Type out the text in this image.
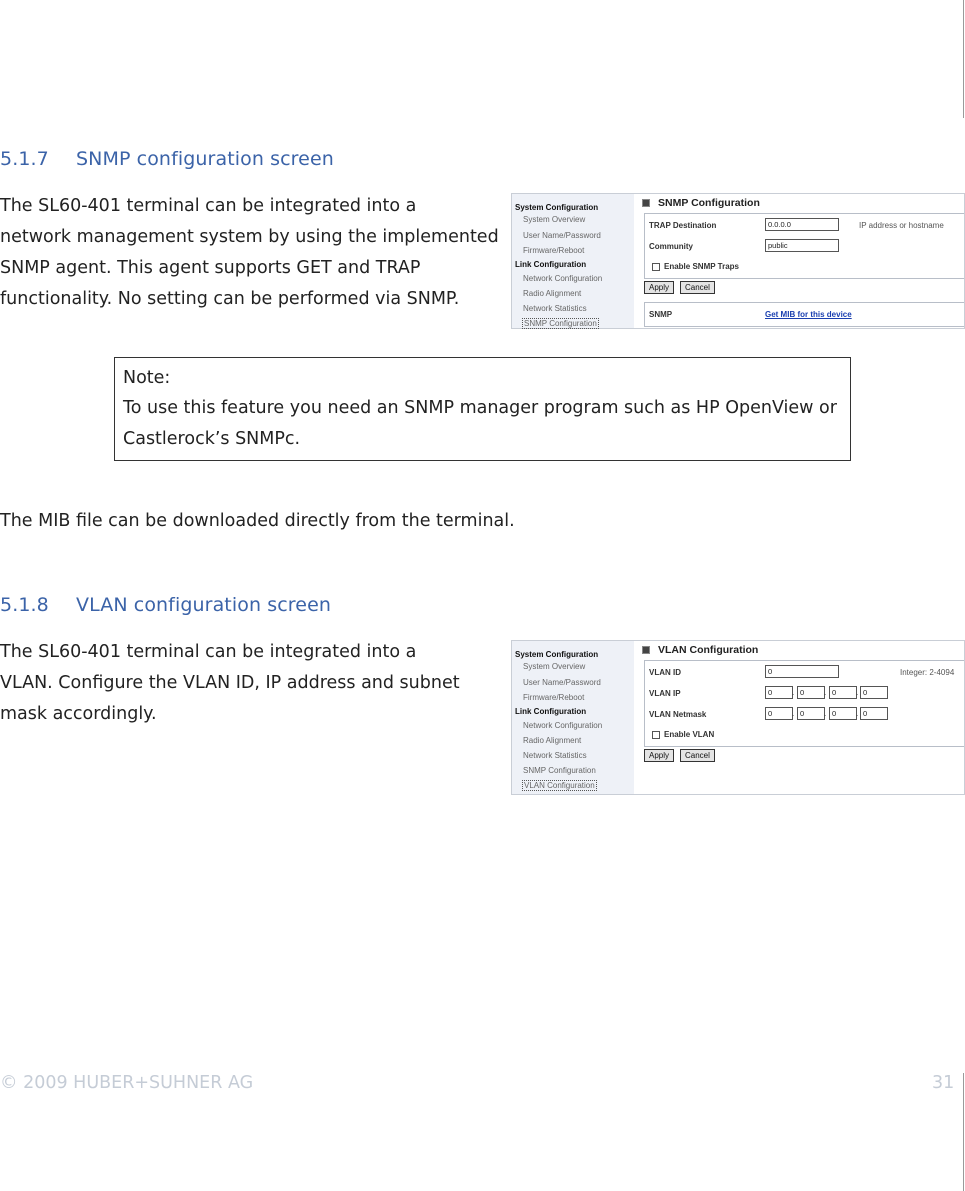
5.1.7 SNMP configuration screen
The SL60-401 terminal can be integrated into a
network management system by using the implemented
SNMP agent. This agent supports GET and TRAP
functionality. No setting can be performed via SNMP.
System Configuration
System Overview
User Name/Password
Firmware/Reboot
Link Configuration
Network Configuration
Radio Alignment
Network Statistics
SNMP Configuration
SNMP Configuration
TRAP Destination
0.0.0.0	IP address or hostname
Community
public
Enable SNMP Traps
Apply	Cancel
SNMP	Get MIB for this device
Note:
To use this feature you need an SNMP manager program such as HP OpenView or
Castlerock’s SNMPc.
The MIB file can be downloaded directly from the terminal.
5.1.8 VLAN configuration screen
The SL60-401 terminal can be integrated into a
VLAN. Configure the VLAN ID, IP address and subnet
mask accordingly.
System Configuration
System Overview
User Name/Password
Firmware/Reboot
Link Configuration
Network Configuration
Radio Alignment
Network Statistics
SNMP Configuration
VLAN Configuration
VLAN Configuration
VLAN ID
0	Integer: 2-4094
VLAN IP
0	.
0	.
0	.
0
VLAN Netmask
0	.
0	.
0	.
0
Enable VLAN
Apply	Cancel
© 2009 HUBER+SUHNER AG	31
